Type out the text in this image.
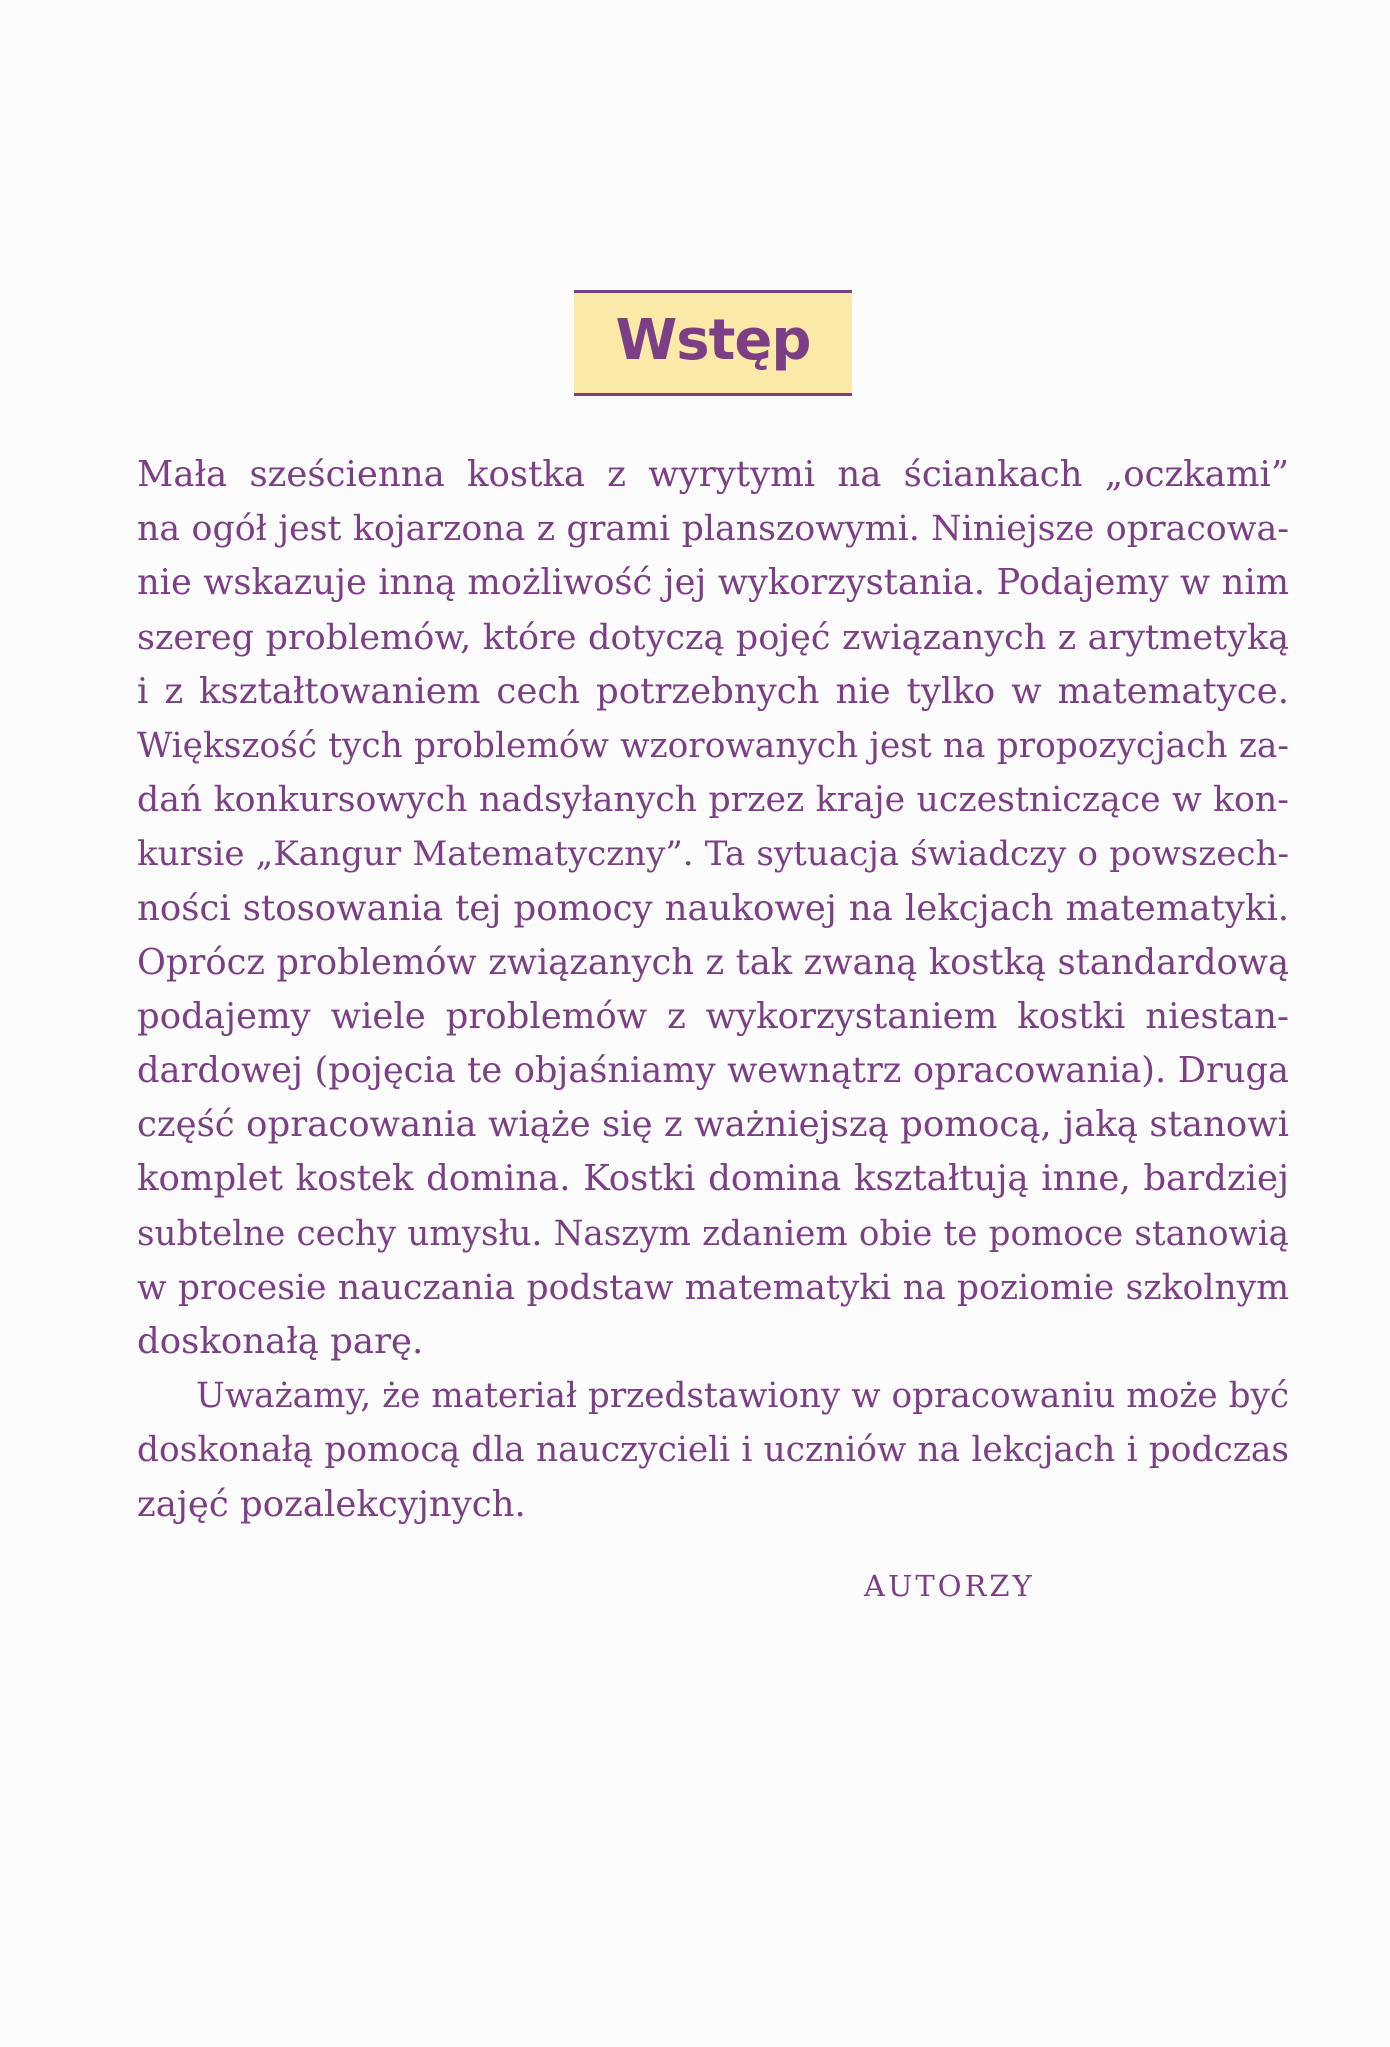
Wstęp
Mała sześcienna kostka z wyrytymi na ściankach „oczkami”
na ogół jest kojarzona z grami planszowymi. Niniejsze opracowa-
nie wskazuje inną możliwość jej wykorzystania. Podajemy w nim
szereg problemów, które dotyczą pojęć związanych z arytmetyką
i z kształtowaniem cech potrzebnych nie tylko w matematyce.
Większość tych problemów wzorowanych jest na propozycjach za-
dań konkursowych nadsyłanych przez kraje uczestniczące w kon-
kursie „Kangur Matematyczny”. Ta sytuacja świadczy o powszech-
ności stosowania tej pomocy naukowej na lekcjach matematyki.
Oprócz problemów związanych z tak zwaną kostką standardową
podajemy wiele problemów z wykorzystaniem kostki niestan-
dardowej (pojęcia te objaśniamy wewnątrz opracowania). Druga
część opracowania wiąże się z ważniejszą pomocą, jaką stanowi
komplet kostek domina. Kostki domina kształtują inne, bardziej
subtelne cechy umysłu. Naszym zdaniem obie te pomoce stanowią
w procesie nauczania podstaw matematyki na poziomie szkolnym
doskonałą parę.
Uważamy, że materiał przedstawiony w opracowaniu może być
doskonałą pomocą dla nauczycieli i uczniów na lekcjach i podczas
zajęć pozalekcyjnych.
AUTORZY
